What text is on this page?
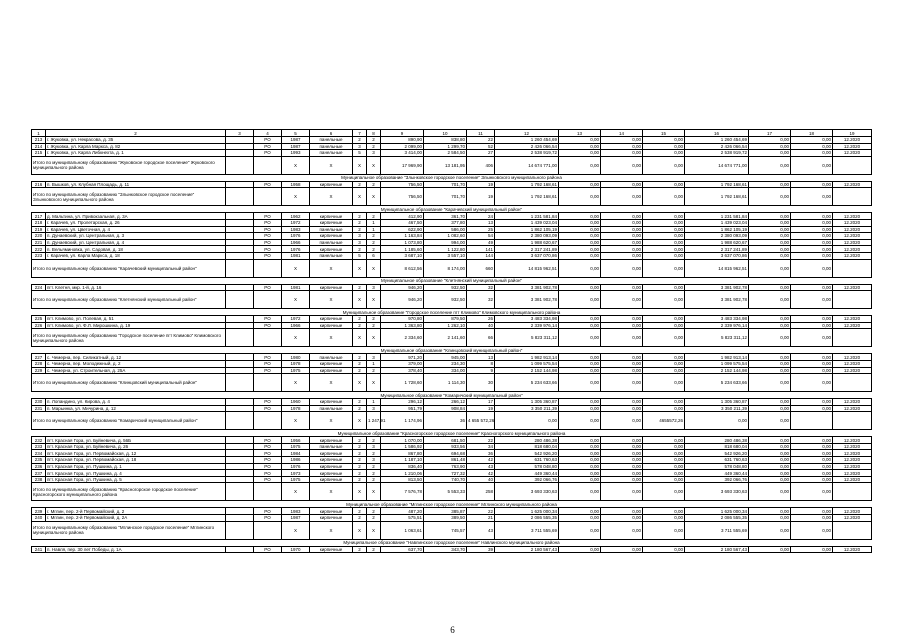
1	2	3	4	5	6	7	8	9	10	11	12	13	14	15	16	17	18	19
213	г. Жуковка, ул. Некрасова, д. 35		РО	1987	панельные	2	2	890,90	838,80	22	1 260 454,69	0,00	0,00	0,00	1 260 454,69	0,00	0,00	12.2020
214	г. Жуковка, ул. Карла Маркса, д. 82		РО	1987	панельные	3	2	2 099,00	1 299,70	52	2 426 066,54	0,00	0,00	0,00	2 426 066,54	0,00	0,00	12.2020
215	г. Жуковка, ул. Карла Либкнехта, д. 1		РО	1993	панельные	5	3	3 414,00	2 584,50	27	2 538 919,72	0,00	0,00	0,00	2 538 919,72	0,00	0,00	12.2020
Итого по муниципальному образованию "Жуковское городское поселение" Жуковского муниципального района				X	X	X	X	17 969,90	13 181,95	406	14 674 771,00	0,00	0,00	0,00	14 674 771,00	0,00	0,00	
Муниципальное образование "Злынковское городское поселение" Злынковского муниципального района																		
216	п. Вышков, ул. Клубная Площадь, д. 11		РО	1958	кирпичные	2	2	756,50	701,70	19	1 792 168,61	0,00	0,00	0,00	1 792 168,61	0,00	0,00	12.2020
Итого по муниципальному образованию "Злынковское городское поселение" Злынковского муниципального района				X	X	X	X	756,50	701,70	19	1 792 168,61	0,00	0,00	0,00	1 792 168,61	0,00	0,00	
Муниципальное образование "Карачевский муниципальный район"																		
217	д. Мальтина, ул. Привокзальная, д. 3А		РО	1962	кирпичные	2	2	412,90	361,70	24	1 231 581,84	0,00	0,00	0,00	1 231 581,84	0,00	0,00	12.2020
218	г. Карачев, ул. Пролетарская, д. 26		РО	1972	кирпичные	2	1	467,50	377,80	13	1 439 023,04	0,00	0,00	0,00	1 439 023,04	0,00	0,00	12.2020
219	г. Карачев, ул. Цветочная, д. 4		РО	1983	панельные	2	1	622,90	586,00	25	1 862 105,19	0,00	0,00	0,00	1 862 105,19	0,00	0,00	12.2020
220	п. Дунаевский, ул. Центральная, д. 3		РО	1976	кирпичные	3	2	1 163,84	1 082,60	54	2 380 093,09	0,00	0,00	0,00	2 380 093,09	0,00	0,00	12.2020
221	п. Дунаевский, ул. Центральная, д. 4		РО	1966	панельные	3	2	1 073,80	994,00	49	1 988 620,67	0,00	0,00	0,00	1 988 620,67	0,00	0,00	12.2020
222	п. Вельяминовка, ул. Садовая, д. 18		РО	1976	кирпичные	2	2	1 185,60	1 122,80	141	2 317 241,89	0,00	0,00	0,00	2 317 241,89	0,00	0,00	12.2020
223	г. Карачев, ул. Карла Маркса, д. 18		РО	1981	панельные	5	6	3 687,10	3 557,10	144	3 637 070,86	0,00	0,00	0,00	3 637 070,86	0,00	0,00	12.2020
Итого по муниципальному образованию "Карачевский муниципальный район"				X	X	X	X	8 612,56	8 174,00	660	14 815 962,51	0,00	0,00	0,00	14 815 962,51	0,00	0,00	
Муниципальное образование "Клетнянский муниципальный район"																		
224	пгт. Клетня, мкр. 1-й, д. 16		РО	1981	кирпичные	2	3	946,20	932,50	32	3 381 902,78	0,00	0,00	0,00	3 381 902,78	0,00	0,00	12.2020
Итого по муниципальному образованию "Клетнянский муниципальный район"				X	X	X	X	946,20	932,50	32	3 381 902,78	0,00	0,00	0,00	3 381 902,78	0,00	0,00	
Муниципальное образование "Городское поселение пгт Климово" Климовского муниципального района																		
225	пгт. Климово, ул. Полевая, д. 51		РО	1972	кирпичные	2	2	970,80	879,50	26	3 483 334,98	0,00	0,00	0,00	3 483 334,98	0,00	0,00	12.2020
226	пгт. Климово, ул. Ф.Л. Мирошкина, д. 19		РО	1966	кирпичные	2	2	1 363,80	1 262,10	40	2 339 976,14	0,00	0,00	0,00	2 339 976,14	0,00	0,00	12.2020
Итого по муниципальному образованию "Городское поселение пгт Климово" Климовского муниципального района				X	X	X	X	2 334,60	2 141,60	66	5 823 311,12	0,00	0,00	0,00	5 823 311,12	0,00	0,00	
Муниципальное образование "Клинцовский муниципальный район"																		
227	с. Чемерна, пер. Силикатный, д. 12		РО	1980	панельные	2	3	971,20	945,00	13	1 982 913,14	0,00	0,00	0,00	1 982 913,14	0,00	0,00	12.2020
228	с. Чемерна, пер. Молодежный, д. 2		РО	1978	кирпичные	2	1	379,00	234,30	8	1 099 575,54	0,00	0,00	0,00	1 099 575,54	0,00	0,00	12.2020
229	с. Чемерна, ул. Строительная, д. 25А		РО	1975	кирпичные	2	2	378,40	334,00	9	2 152 144,98	0,00	0,00	0,00	2 152 144,98	0,00	0,00	12.2020
Итого по муниципальному образованию "Клинцовский муниципальный район"				X	X	X	X	1 728,60	1 114,30	30	5 234 633,66	0,00	0,00	0,00	5 234 633,66	0,00	0,00	
Муниципальное образование "Комаричский муниципальный район"																		
230	п. Лопандино, ул. Кирова, д. 4		РО	1960	кирпичные	2	1	296,12	266,12	17	1 305 360,87	0,00	0,00	0,00	1 305 360,87	0,00	0,00	12.2020
231	п. Марьинка, ул. Мичурина, д. 12		РО	1978	панельные	2	3	951,79	908,84	19	3 350 211,39	0,00	0,00	0,00	3 350 211,39	0,00	0,00	12.2020
Итого по муниципальному образованию "Комаричский муниципальный район"				X	X	X	1 247,91	1 174,96	36	4 655 572,26	0,00	0,00	0,00	4655572,26	0,00	0,00		
Муниципальное образование "Красногорское городское поселение" Красногорского муниципального района																		
232	пгт. Красная Гора, ул. Буйневича, д. 56Б		РО	1956	кирпичные	2	2	1 070,00	681,50	22	280 486,38	0,00	0,00	0,00	280 486,38	0,00	0,00	12.2020
233	пгт. Красная Гора, ул. Буйневича, д. 26		РО	1975	панельные	2	3	1 586,92	933,56	34	818 680,04	0,00	0,00	0,00	818 680,04	0,00	0,00	12.2020
234	пгт. Красная Гора, ул. Первомайская, д. 12		РО	1984	кирпичные	2	2	867,80	694,68	36	542 926,20	0,00	0,00	0,00	542 926,20	0,00	0,00	12.2020
235	пгт. Красная Гора, ул. Первомайская, д. 18		РО	1986	кирпичные	2	3	1 187,10	861,48	42	631 760,63	0,00	0,00	0,00	631 760,63	0,00	0,00	12.2020
236	пгт. Красная Гора, ул. Пушкина, д. 1		РО	1976	кирпичные	2	2	836,40	763,90	43	578 048,80	0,00	0,00	0,00	578 048,80	0,00	0,00	12.2020
237	пгт. Красная Гора, ул. Пушкина, д. 4		РО	1973	кирпичные	2	2	1 210,06	727,32	42	449 360,44	0,00	0,00	0,00	449 360,44	0,00	0,00	12.2020
238	пгт. Красная Гора, ул. Пушкина, д. 5		РО	1975	кирпичные	2	2	813,50	740,70	40	392 066,76	0,00	0,00	0,00	392 066,76	0,00	0,00	12.2020
Итого по муниципальному образованию "Красногорское городское поселение" Красногорского муниципального района				X	X	X	X	7 576,78	5 553,33	258	3 693 330,63	0,00	0,00	0,00	3 693 330,63	0,00	0,00	
Муниципальное образование "Мглинское городское поселение" Мглинского муниципального района																		
239	г. Мглин, пер. 2-й Первомайский, д. 2		РО	1983	кирпичные	2	2	487,20	385,87	22	1 625 000,34	0,00	0,00	0,00	1 625 000,34	0,00	0,00	12.2020
240	г. Мглин, пер. 2-й Первомайский, д. 2А		РО	1987	кирпичные	2	2	575,51	389,50	21	2 086 555,35	0,00	0,00	0,00	2 086 555,35	0,00	0,00	12.2020
Итого по муниципальному образованию "Мглинское городское поселение" Мглинского муниципального района				X	X	X	X	1 063,61	745,57	43	3 711 555,69	0,00	0,00	0,00	3 711 555,69	0,00	0,00	
Муниципальное образование "Навлинское городское поселение" Навлинского муниципального района																		
241	п. Навля, пер. 30 лет Победы, д. 1А		РО	1970	кирпичные	2	2	637,70	343,70	39	2 180 567,43	0,00	0,00	0,00	2 180 567,43	0,00	0,00	12.2020
6
